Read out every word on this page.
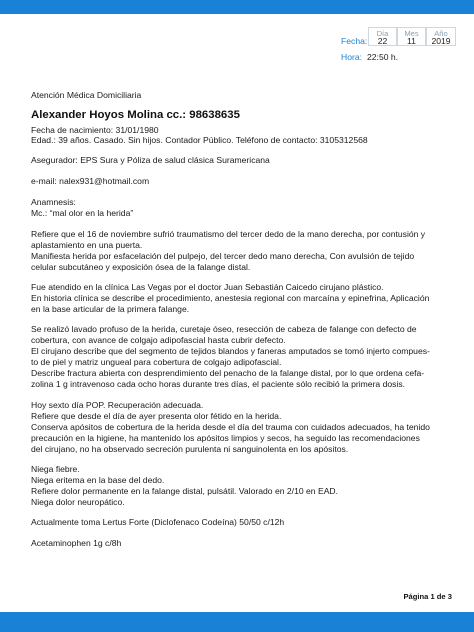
Fecha:
Día
22
Mes
11
Año
2019
Hora: 22:50 h.
Atención Médica Domiciliaria
Alexander Hoyos Molina cc.: 98638635
Fecha de nacimiento: 31/01/1980
Edad.: 39 años. Casado. Sin hijos. Contador Público. Teléfono de contacto: 3105312568
Asegurador: EPS Sura y Póliza de salud clásica Suramericana
e-mail: nalex931@hotmail.com
Anamnesis:
Mc.: “mal olor en la herida”
Refiere que el 16 de noviembre sufrió traumatismo del tercer dedo de la mano derecha, por contusión y
aplastamiento en una puerta.
Manifiesta herida por esfacelación del pulpejo, del tercer dedo mano derecha, Con avulsión de tejido
celular subcutáneo y exposición ósea de la falange distal.
Fue atendido en la clínica Las Vegas por el doctor Juan Sebastián Caicedo cirujano plástico.
En historia clínica se describe el procedimiento, anestesia regional con marcaína y epinefrina, Aplicación
en la base articular de la primera falange.
Se realizó lavado profuso de la herida, curetaje óseo, resección de cabeza de falange con defecto de
cobertura, con avance de colgajo adipofascial hasta cubrir defecto.
El cirujano describe que del segmento de tejidos blandos y faneras amputados se tomó injerto compues-
to de piel y matriz ungueal para cobertura de colgajo adipofascial.
Describe fractura abierta con desprendimiento del penacho de la falange distal, por lo que ordena cefa-
zolina 1 g intravenoso cada ocho horas durante tres días, el paciente sólo recibió la primera dosis.
Hoy sexto día POP. Recuperación adecuada.
Refiere que desde el día de ayer presenta olor fétido en la herida.
Conserva apósitos de cobertura de la herida desde el día del trauma con cuidados adecuados, ha tenido
precaución en la higiene, ha mantenido los apósitos limpios y secos, ha seguido las recomendaciones
del cirujano, no ha observado secreción purulenta ni sanguinolenta en los apósitos.
Niega fiebre.
Niega eritema en la base del dedo.
Refiere dolor permanente en la falange distal, pulsátil. Valorado en 2/10 en EAD.
Niega dolor neuropático.
Actualmente toma Lertus Forte (Diclofenaco Codeína) 50/50 c/12h
Acetaminophen 1g c/8h
Página 1 de 3
